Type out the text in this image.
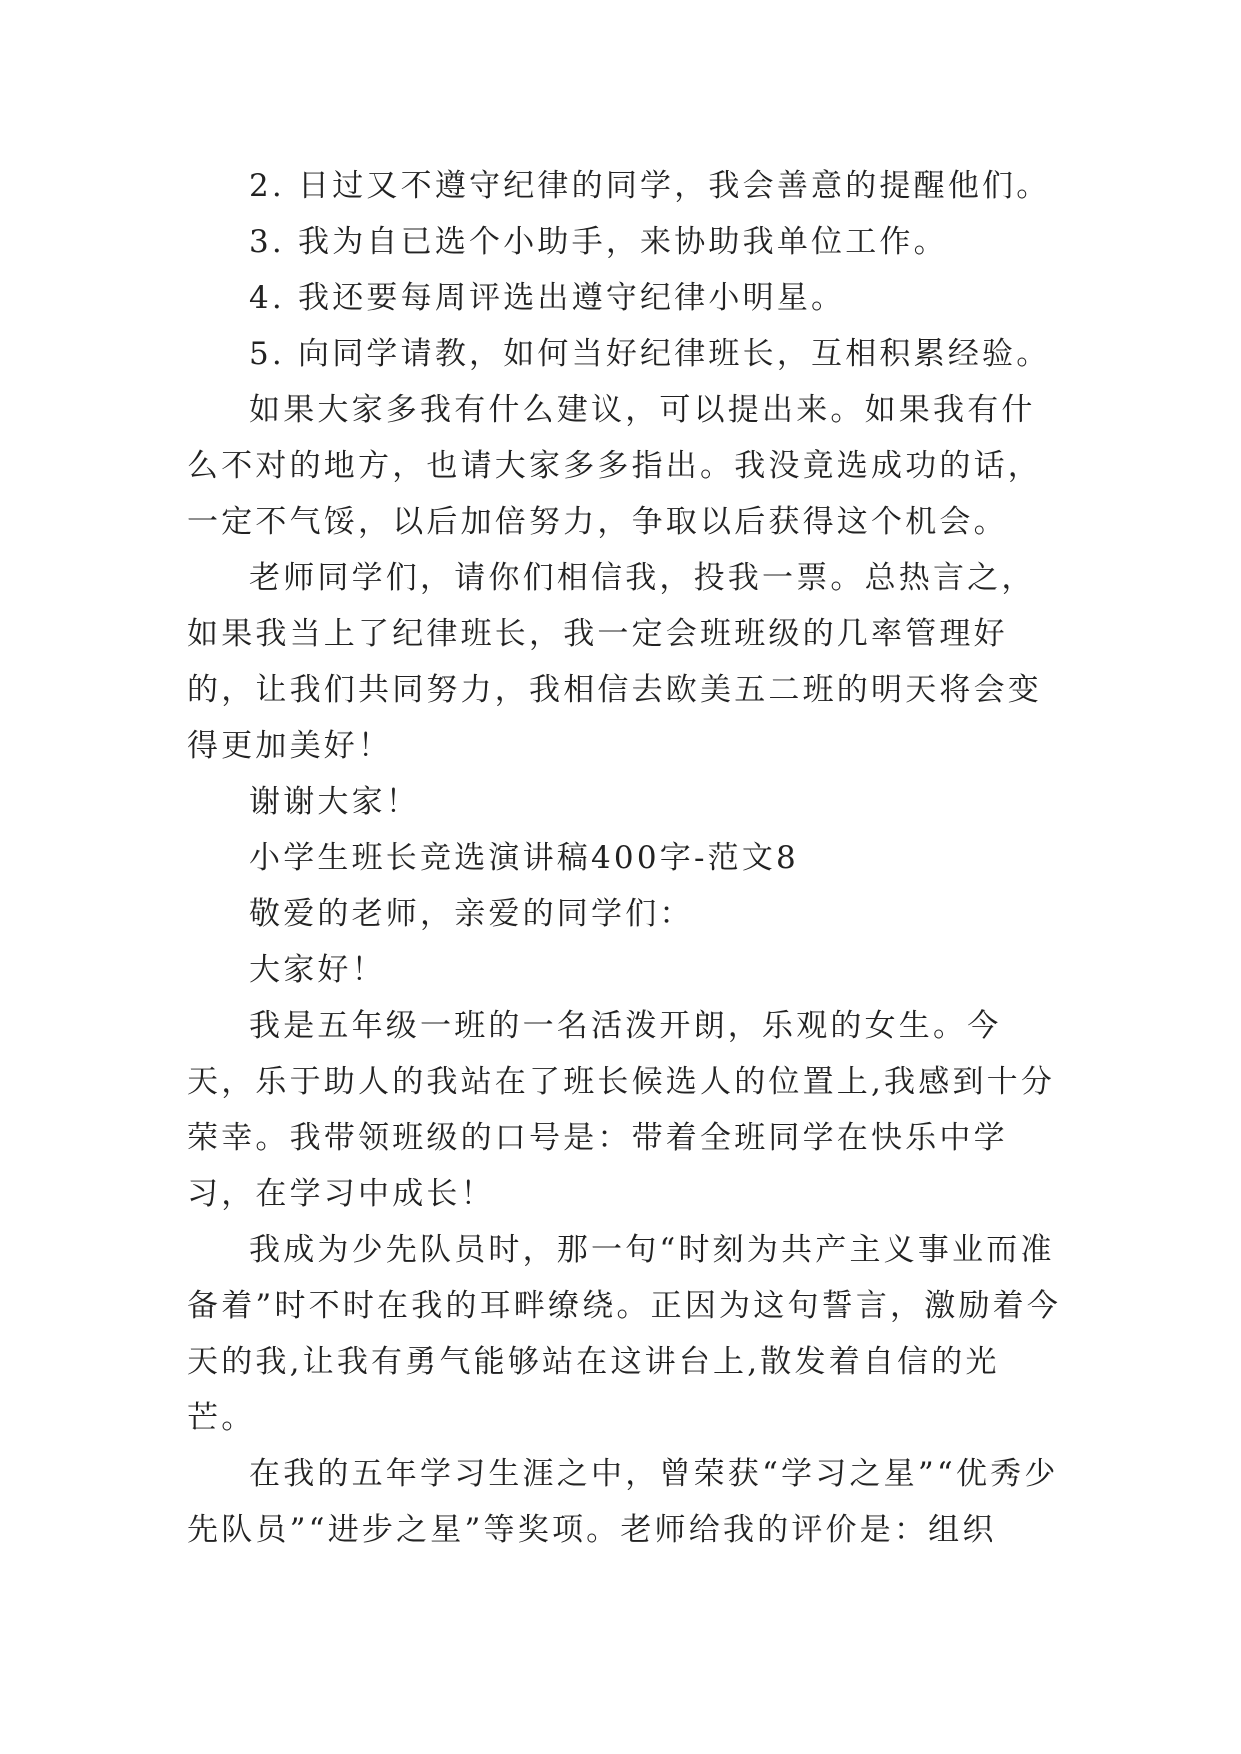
2. 日过又不遵守纪律的同学，我会善意的提醒他们。

3. 我为自已选个小助手，来协助我单位工作。

4. 我还要每周评选出遵守纪律小明星。

5. 向同学请教，如何当好纪律班长，互相积累经验。

如果大家多我有什么建议，可以提出来。如果我有什么不对的地方，也请大家多多指出。我没竟选成功的话，一定不气馁，以后加倍努力，争取以后获得这个机会。

老师同学们，请你们相信我，投我一票。总热言之，如果我当上了纪律班长，我一定会班班级的几率管理好的，让我们共同努力，我相信去欧美五二班的明天将会变得更加美好！

谢谢大家！

小学生班长竞选演讲稿400字-范文8

敬爱的老师，亲爱的同学们：

大家好！

我是五年级一班的一名活泼开朗，乐观的女生。今天，乐于助人的我站在了班长候选人的位置上,我感到十分荣幸。我带领班级的口号是：带着全班同学在快乐中学习，在学习中成长！

我成为少先队员时，那一句“时刻为共产主义事业而准备着”时不时在我的耳畔缭绕。正因为这句誓言，激励着今天的我,让我有勇气能够站在这讲台上,散发着自信的光芒。

在我的五年学习生涯之中，曾荣获“学习之星”“优秀少先队员”“进步之星”等奖项。老师给我的评价是：组织
